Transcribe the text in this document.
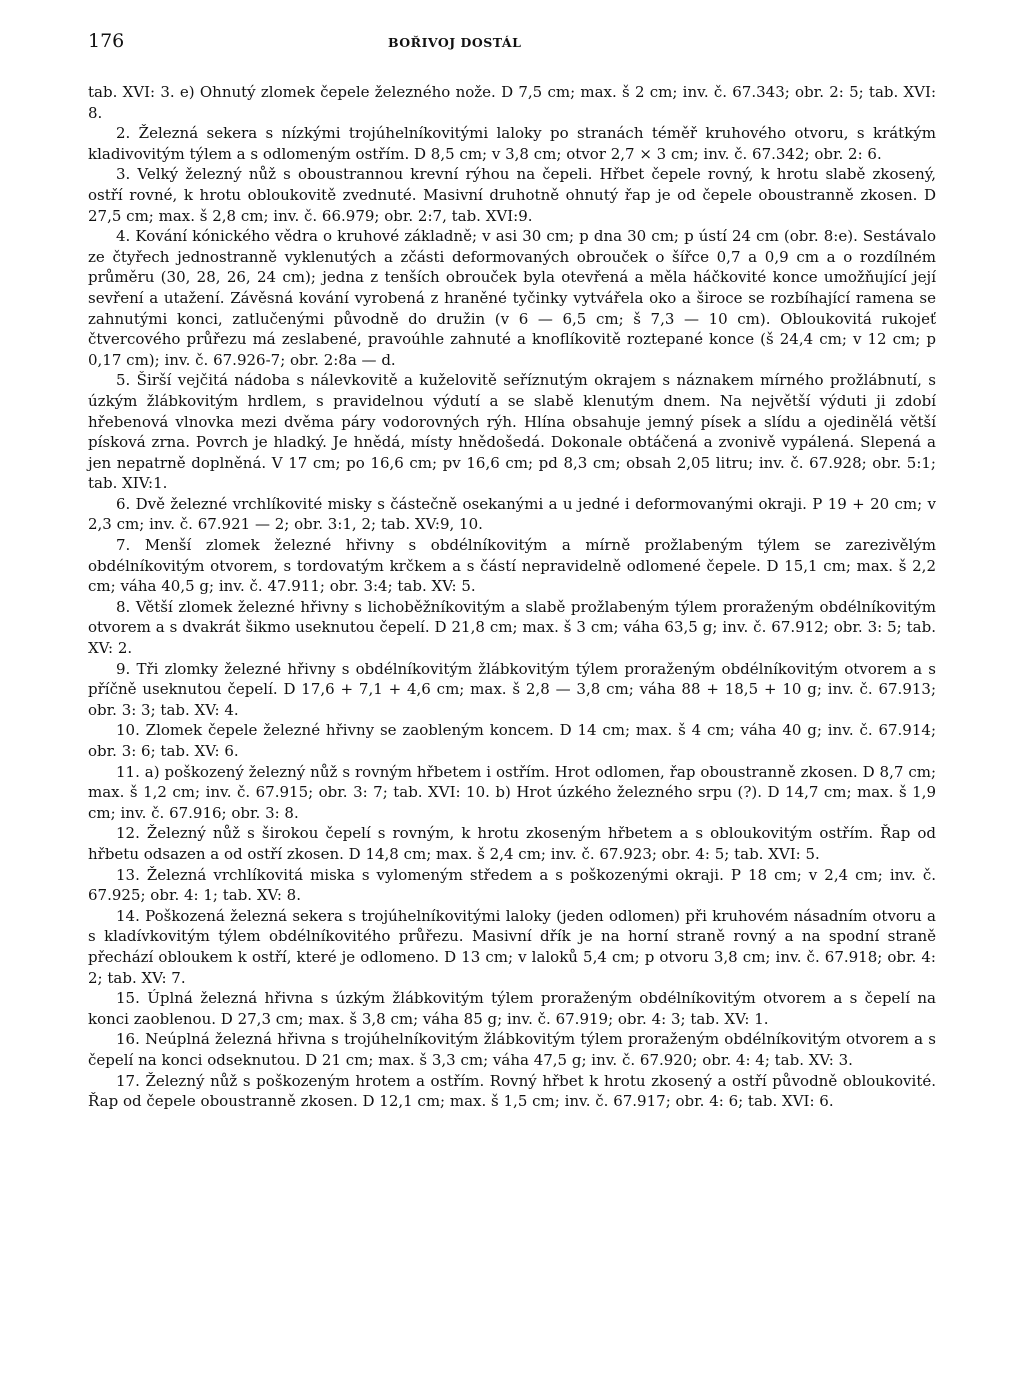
176	BOŘIVOJ DOSTÁL

tab. XVI: 3. e) Ohnutý zlomek čepele železného nože. D 7,5 cm; max. š 2 cm; inv. č. 67.343; obr. 2: 5; tab. XVI: 8.

2. Železná sekera s nízkými trojúhelníkovitými laloky po stranách téměř kruhového otvoru, s krátkým kladivovitým týlem a s odlomeným ostřím. D 8,5 cm; v 3,8 cm; otvor 2,7 × 3 cm; inv. č. 67.342; obr. 2: 6.

3. Velký železný nůž s oboustrannou krevní rýhou na čepeli. Hřbet čepele rovný, k hrotu slabě zkosený, ostří rovné, k hrotu obloukovitě zvednuté. Masivní druhotně ohnutý řap je od čepele oboustranně zkosen. D 27,5 cm; max. š 2,8 cm; inv. č. 66.979; obr. 2:7, tab. XVI:9.

4. Kování kónického vědra o kruhové základně; v asi 30 cm; p dna 30 cm; p ústí 24 cm (obr. 8:e). Sestávalo ze čtyřech jednostranně vyklenutých a zčásti deformovaných obrouček o šířce 0,7 a 0,9 cm a o rozdílném průměru (30, 28, 26, 24 cm); jedna z tenších obrouček byla otevřená a měla háčkovité konce umožňující její sevření a utažení. Závěsná kování vyrobená z hraněné tyčinky vytvářela oko a široce se rozbíhající ramena se zahnutými konci, zatlučenými původně do družin (v 6 — 6,5 cm; š 7,3 — 10 cm). Obloukovitá rukojeť čtvercového průřezu má zeslabené, pravoúhle zahnuté a knoflíkovitě roztepané konce (š 24,4 cm; v 12 cm; p 0,17 cm); inv. č. 67.926-7; obr. 2:8a — d.

5. Širší vejčitá nádoba s nálevkovitě a kuželovitě seříznutým okrajem s náznakem mírného prožlábnutí, s úzkým žlábkovitým hrdlem, s pravidelnou výdutí a se slabě klenutým dnem. Na největší výduti ji zdobí hřebenová vlnovka mezi dvěma páry vodorovných rýh. Hlína obsahuje jemný písek a slídu a ojedinělá větší písková zrna. Povrch je hladký. Je hnědá, místy hnědošedá. Dokonale obtáčená a zvonivě vypálená. Slepená a jen nepatrně doplněná. V 17 cm; po 16,6 cm; pv 16,6 cm; pd 8,3 cm; obsah 2,05 litru; inv. č. 67.928; obr. 5:1; tab. XIV:1.

6. Dvě železné vrchlíkovité misky s částečně osekanými a u jedné i deformovanými okraji. P 19 + 20 cm; v 2,3 cm; inv. č. 67.921 — 2; obr. 3:1, 2; tab. XV:9, 10.

7. Menší zlomek železné hřivny s obdélníkovitým a mírně prožlabeným týlem se zarezivělým obdélníkovitým otvorem, s tordovatým krčkem a s částí nepravidelně odlomené čepele. D 15,1 cm; max. š 2,2 cm; váha 40,5 g; inv. č. 47.911; obr. 3:4; tab. XV: 5.

8. Větší zlomek železné hřivny s lichoběžníkovitým a slabě prožlabeným týlem proraženým obdélníkovitým otvorem a s dvakrát šikmo useknutou čepelí. D 21,8 cm; max. š 3 cm; váha 63,5 g; inv. č. 67.912; obr. 3: 5; tab. XV: 2.

9. Tři zlomky železné hřivny s obdélníkovitým žlábkovitým týlem proraženým obdélníkovitým otvorem a s příčně useknutou čepelí. D 17,6 + 7,1 + 4,6 cm; max. š 2,8 — 3,8 cm; váha 88 + 18,5 + 10 g; inv. č. 67.913; obr. 3: 3; tab. XV: 4.

10. Zlomek čepele železné hřivny se zaobleným koncem. D 14 cm; max. š 4 cm; váha 40 g; inv. č. 67.914; obr. 3: 6; tab. XV: 6.

11. a) poškozený železný nůž s rovným hřbetem i ostřím. Hrot odlomen, řap oboustranně zkosen. D 8,7 cm; max. š 1,2 cm; inv. č. 67.915; obr. 3: 7; tab. XVI: 10. b) Hrot úzkého železného srpu (?). D 14,7 cm; max. š 1,9 cm; inv. č. 67.916; obr. 3: 8.

12. Železný nůž s širokou čepelí s rovným, k hrotu zkoseným hřbetem a s obloukovitým ostřím. Řap od hřbetu odsazen a od ostří zkosen. D 14,8 cm; max. š 2,4 cm; inv. č. 67.923; obr. 4: 5; tab. XVI: 5.

13. Železná vrchlíkovitá miska s vylomeným středem a s poškozenými okraji. P 18 cm; v 2,4 cm; inv. č. 67.925; obr. 4: 1; tab. XV: 8.

14. Poškozená železná sekera s trojúhelníkovitými laloky (jeden odlomen) při kruhovém násadním otvoru a s kladívkovitým týlem obdélníkovitého průřezu. Masivní dřík je na horní straně rovný a na spodní straně přechází obloukem k ostří, které je odlomeno. D 13 cm; v laloků 5,4 cm; p otvoru 3,8 cm; inv. č. 67.918; obr. 4: 2; tab. XV: 7.

15. Úplná železná hřivna s úzkým žlábkovitým týlem proraženým obdélníkovitým otvorem a s čepelí na konci zaoblenou. D 27,3 cm; max. š 3,8 cm; váha 85 g; inv. č. 67.919; obr. 4: 3; tab. XV: 1.

16. Neúplná železná hřivna s trojúhelníkovitým žlábkovitým týlem proraženým obdélníkovitým otvorem a s čepelí na konci odseknutou. D 21 cm; max. š 3,3 cm; váha 47,5 g; inv. č. 67.920; obr. 4: 4; tab. XV: 3.

17. Železný nůž s poškozeným hrotem a ostřím. Rovný hřbet k hrotu zkosený a ostří původně obloukovité. Řap od čepele oboustranně zkosen. D 12,1 cm; max. š 1,5 cm; inv. č. 67.917; obr. 4: 6; tab. XVI: 6.
